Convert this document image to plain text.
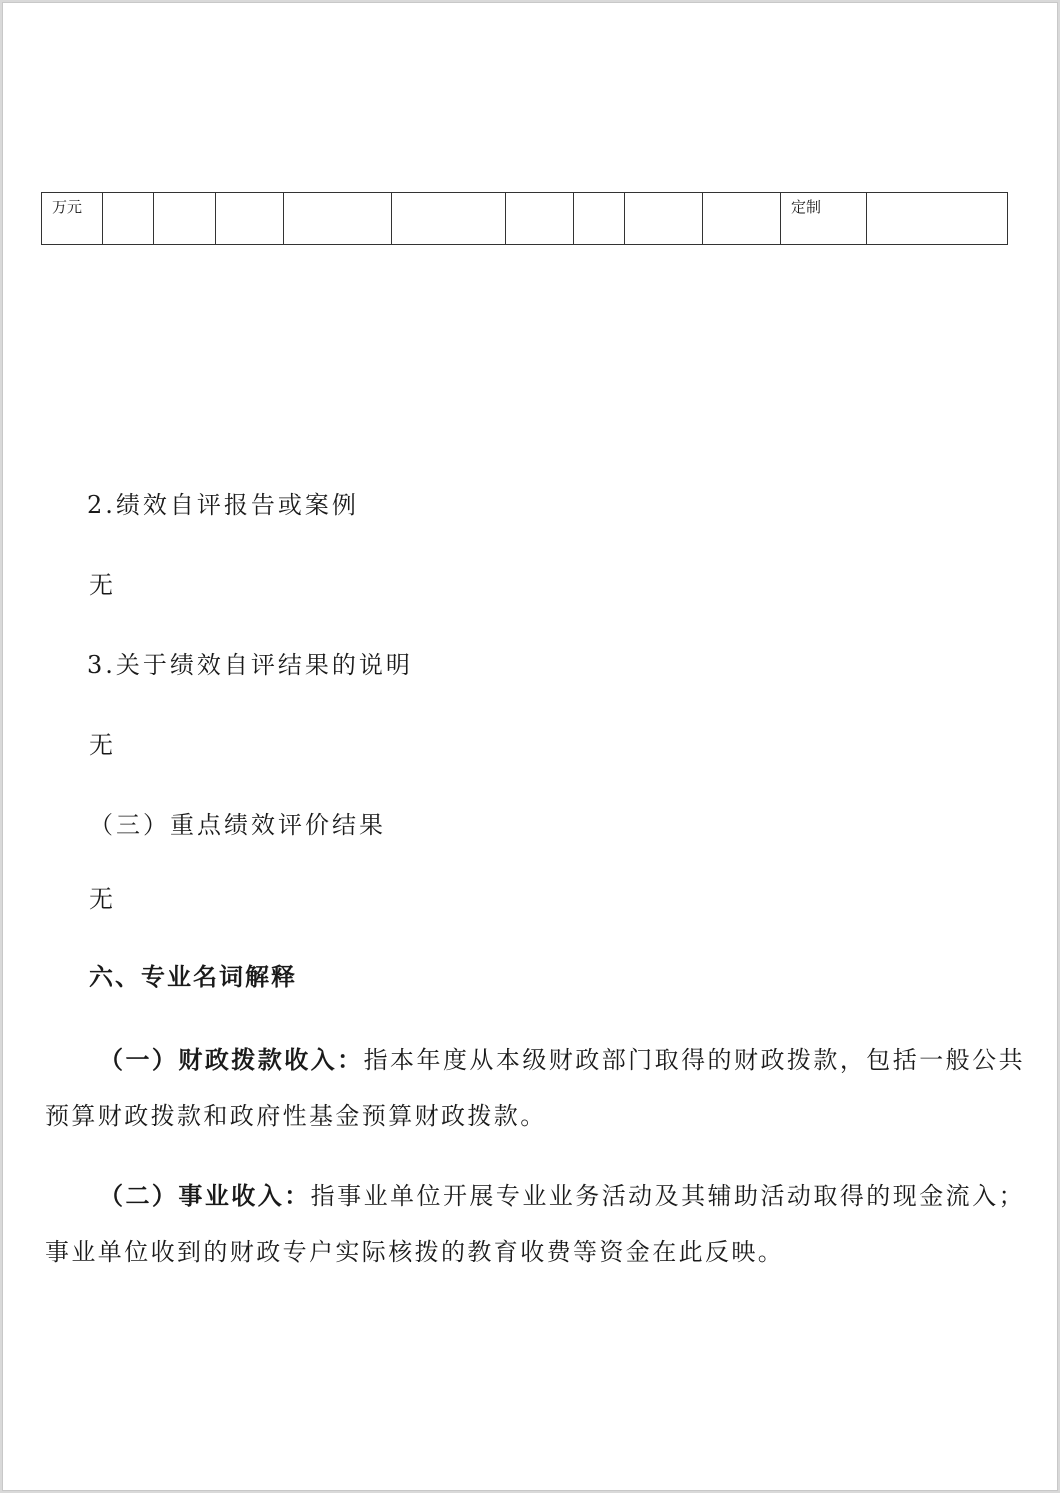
万元										定制

2.绩效自评报告或案例

无

3.关于绩效自评结果的说明

无

（三）重点绩效评价结果

无

六、专业名词解释

（一）财政拨款收入：指本年度从本级财政部门取得的财政拨款，包括一般公共预算财政拨款和政府性基金预算财政拨款。

（二）事业收入：指事业单位开展专业业务活动及其辅助活动取得的现金流入；事业单位收到的财政专户实际核拨的教育收费等资金在此反映。
